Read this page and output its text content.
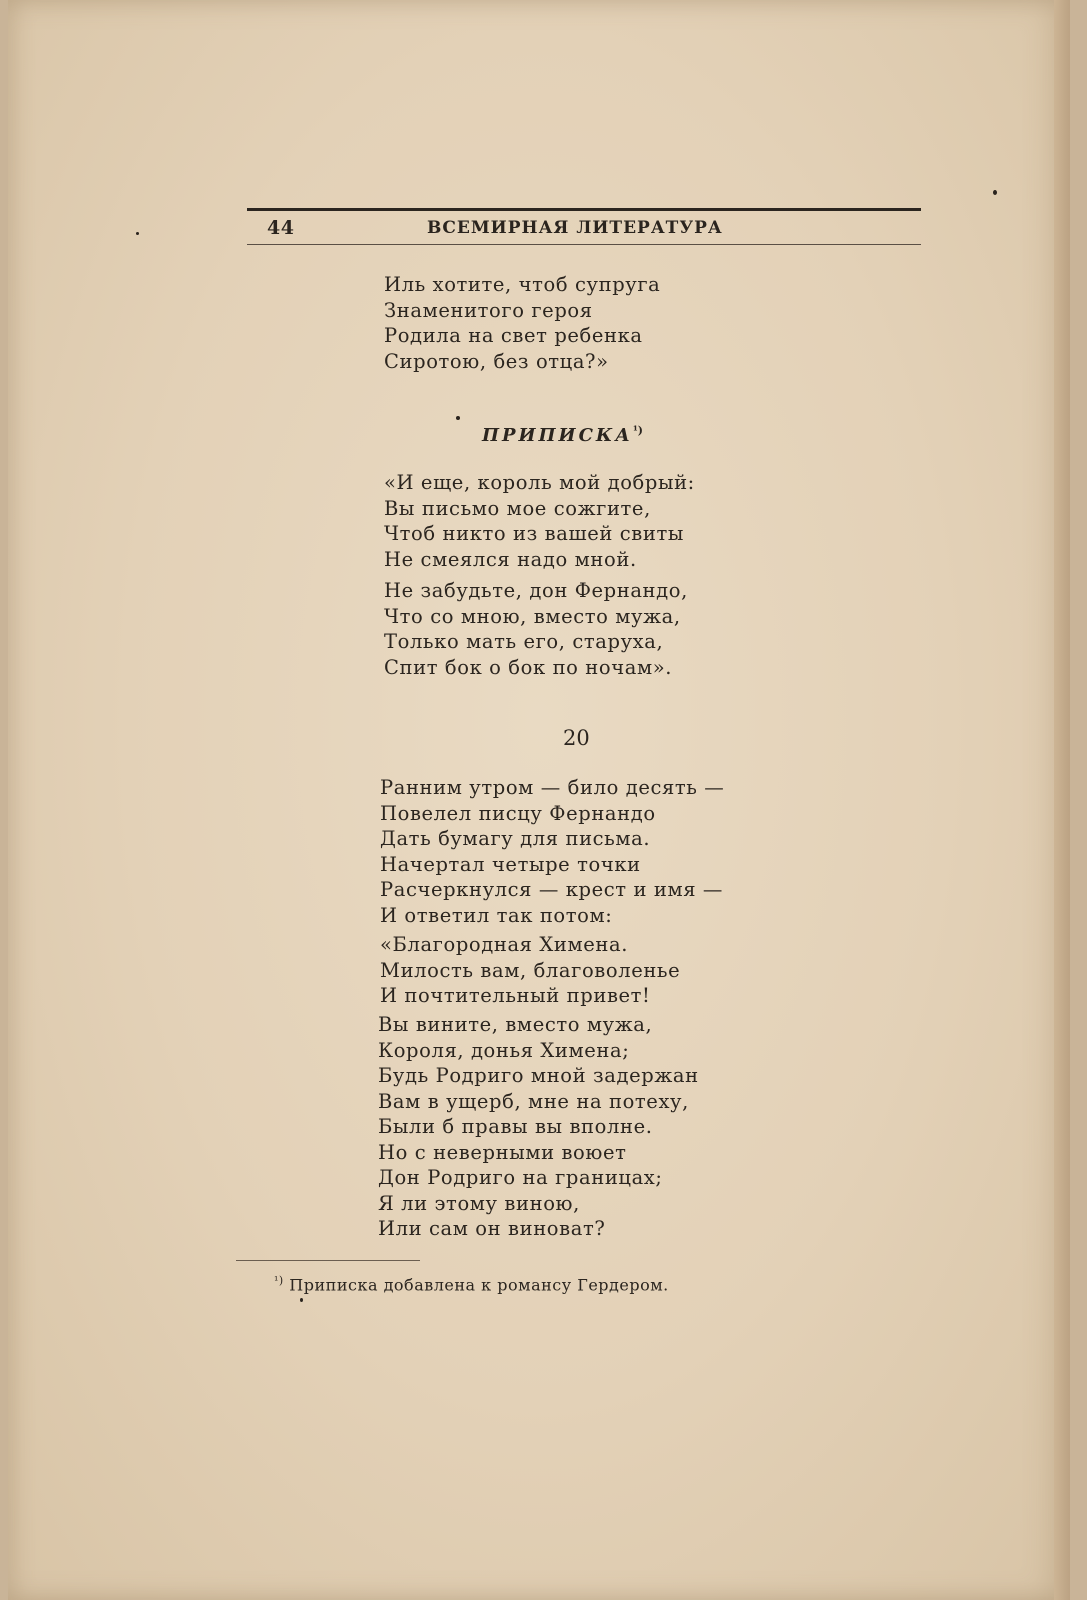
44	ВСЕМИРНАЯ ЛИТЕРАТУРА
Иль хотите, чтоб супруга
Знаменитого героя
Родила на свет ребенка
Сиротою, без отца?»
$ПРИПИСКА^{^1)}$
«И еще, король мой добрый:
Вы письмо мое сожгите,
Чтоб никто из вашей свиты
Не смеялся надо мной.
Не забудьте, дон Фернандо,
Что со мною, вместо мужа,
Только мать его, старуха,
Спит бок о бок по ночам».
20
Ранним утром — било десять —
Повелел писцу Фернандо
Дать бумагу для письма.
Начертал четыре точки
Расчеркнулся — крест и имя —
И ответил так потом:
«Благородная Химена.
Милость вам, благоволенье
И почтительный привет!
Вы вините, вместо мужа,
Короля, донья Химена;
Будь Родриго мной задержан
Вам в ущерб, мне на потеху,
Были б правы вы вполне.
Но с неверными воюет
Дон Родриго на границах;
Я ли этому виною,
Или сам он виноват?
$^{^1)}$ Приписка добавлена к романсу Гердером.
